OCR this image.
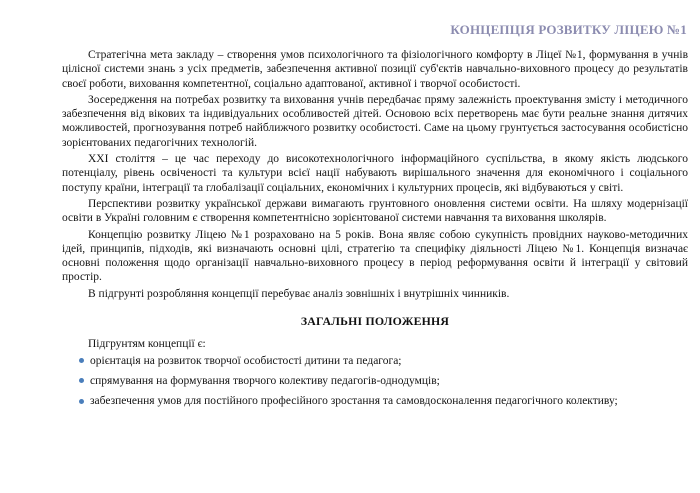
КОНЦЕПЦІЯ РОЗВИТКУ ЛІЦЕЮ №1

Стратегічна мета закладу – створення умов психологічного та фізіологічного комфорту в Ліцеї №1, формування в учнів цілісної системи знань з усіх предметів, забезпечення активної позиції суб'єктів навчально-виховного процесу до результатів своєї роботи, виховання компетентної, соціально адаптованої, активної і творчої особистості.

Зосередження на потребах розвитку та виховання учнів передбачає пряму залежність проектування змісту і методичного забезпечення від вікових та індивідуальних особливостей дітей. Основою всіх перетворень має бути реальне знання дитячих можливостей, прогнозування потреб найближчого розвитку особистості. Саме на цьому грунтується застосування особистісно зорієнтованих педагогічних технологій.

ХХІ століття – це час переходу до високотехнологічного інформаційного суспільства, в якому якість людського потенціалу, рівень освіченості та культури всієї нації набувають вирішального значення для економічного і соціального поступу країни, інтеграції та глобалізації соціальних, економічних і культурних процесів, які відбуваються у світі.

Перспективи розвитку української держави вимагають грунтовного оновлення системи освіти. На шляху модернізації освіти в Україні головним є створення компетентнісно зорієнтованої системи навчання та виховання школярів.

Концепцію розвитку Ліцею №1 розраховано на 5 років. Вона являє собою сукупність провідних науково-методичних ідей, принципів, підходів, які визначають основні цілі, стратегію та специфіку діяльності Ліцею №1. Концепція визначає основні положення щодо організації навчально-виховного процесу в період реформування освіти й інтеграції у світовий простір.

В підгрунті розробляння концепції перебуває аналіз зовнішніх і внутрішніх чинників.

ЗАГАЛЬНІ ПОЛОЖЕННЯ

Підгрунтям концепції є:

орієнтація на розвиток творчої особистості дитини та педагога;
спрямування на формування творчого колективу педагогів-однодумців;
забезпечення умов для постійного професійного зростання та самовдосконалення педагогічного колективу;
